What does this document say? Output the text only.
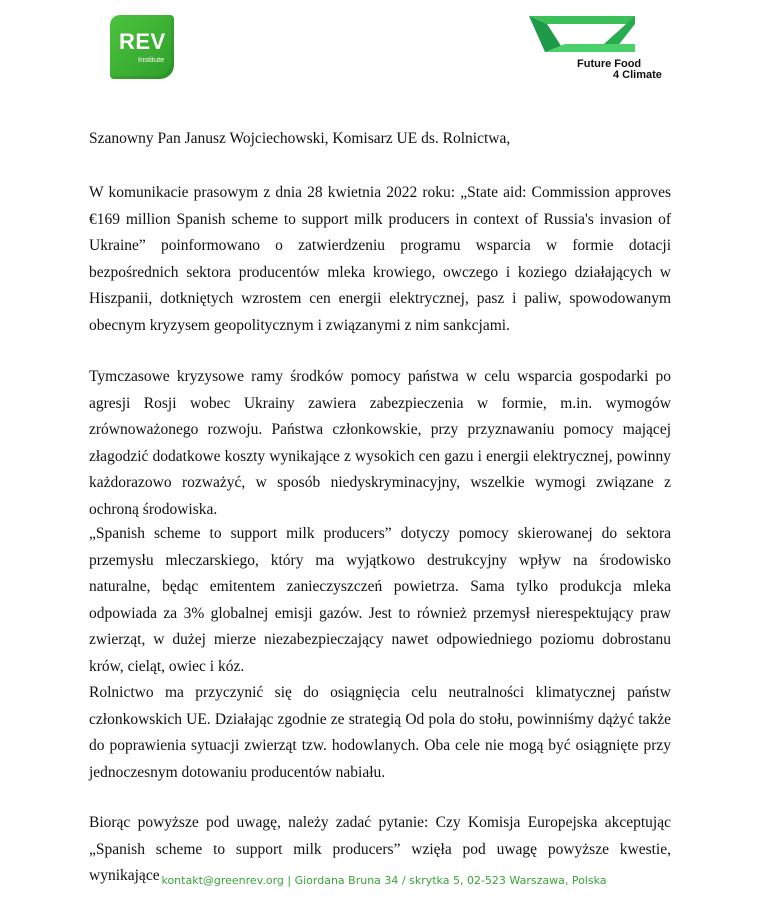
REV
Institute	Future Food
4 Climate

Szanowny Pan Janusz Wojciechowski, Komisarz UE ds. Rolnictwa,

W komunikacie prasowym z dnia 28 kwietnia 2022 roku: „State aid: Commission approves €169 million Spanish scheme to support milk producers in context of Russia's invasion of Ukraine” poinformowano o zatwierdzeniu programu wsparcia w formie dotacji bezpośrednich sektora producentów mleka krowiego, owczego i koziego działających w Hiszpanii, dotkniętych wzrostem cen energii elektrycznej, pasz i paliw, spowodowanym obecnym kryzysem geopolitycznym i związanymi z nim sankcjami.

Tymczasowe kryzysowe ramy środków pomocy państwa w celu wsparcia gospodarki po agresji Rosji wobec Ukrainy zawiera zabezpieczenia w formie, m.in. wymogów zrównoważonego rozwoju. Państwa członkowskie, przy przyznawaniu pomocy mającej złagodzić dodatkowe koszty wynikające z wysokich cen gazu i energii elektrycznej, powinny każdorazowo rozważyć, w sposób niedyskryminacyjny, wszelkie wymogi związane z ochroną środowiska.

„Spanish scheme to support milk producers” dotyczy pomocy skierowanej do sektora przemysłu mleczarskiego, który ma wyjątkowo destrukcyjny wpływ na środowisko naturalne, będąc emitentem zanieczyszczeń powietrza. Sama tylko produkcja mleka odpowiada za 3% globalnej emisji gazów. Jest to również przemysł nierespektujący praw zwierząt, w dużej mierze niezabezpieczający nawet odpowiedniego poziomu dobrostanu krów, cieląt, owiec i kóz.

Rolnictwo ma przyczynić się do osiągnięcia celu neutralności klimatycznej państw członkowskich UE. Działając zgodnie ze strategią Od pola do stołu, powinniśmy dążyć także do poprawienia sytuacji zwierząt tzw. hodowlanych. Oba cele nie mogą być osiągnięte przy jednoczesnym dotowaniu producentów nabiału.

Biorąc powyższe pod uwagę, należy zadać pytanie: Czy Komisja Europejska akceptując „Spanish scheme to support milk producers” wzięła pod uwagę powyższe kwestie, wynikające kontakt@greenrev.org | Giordana Bruna 34 / skrytka 5, 02-523 Warszawa, Polska
